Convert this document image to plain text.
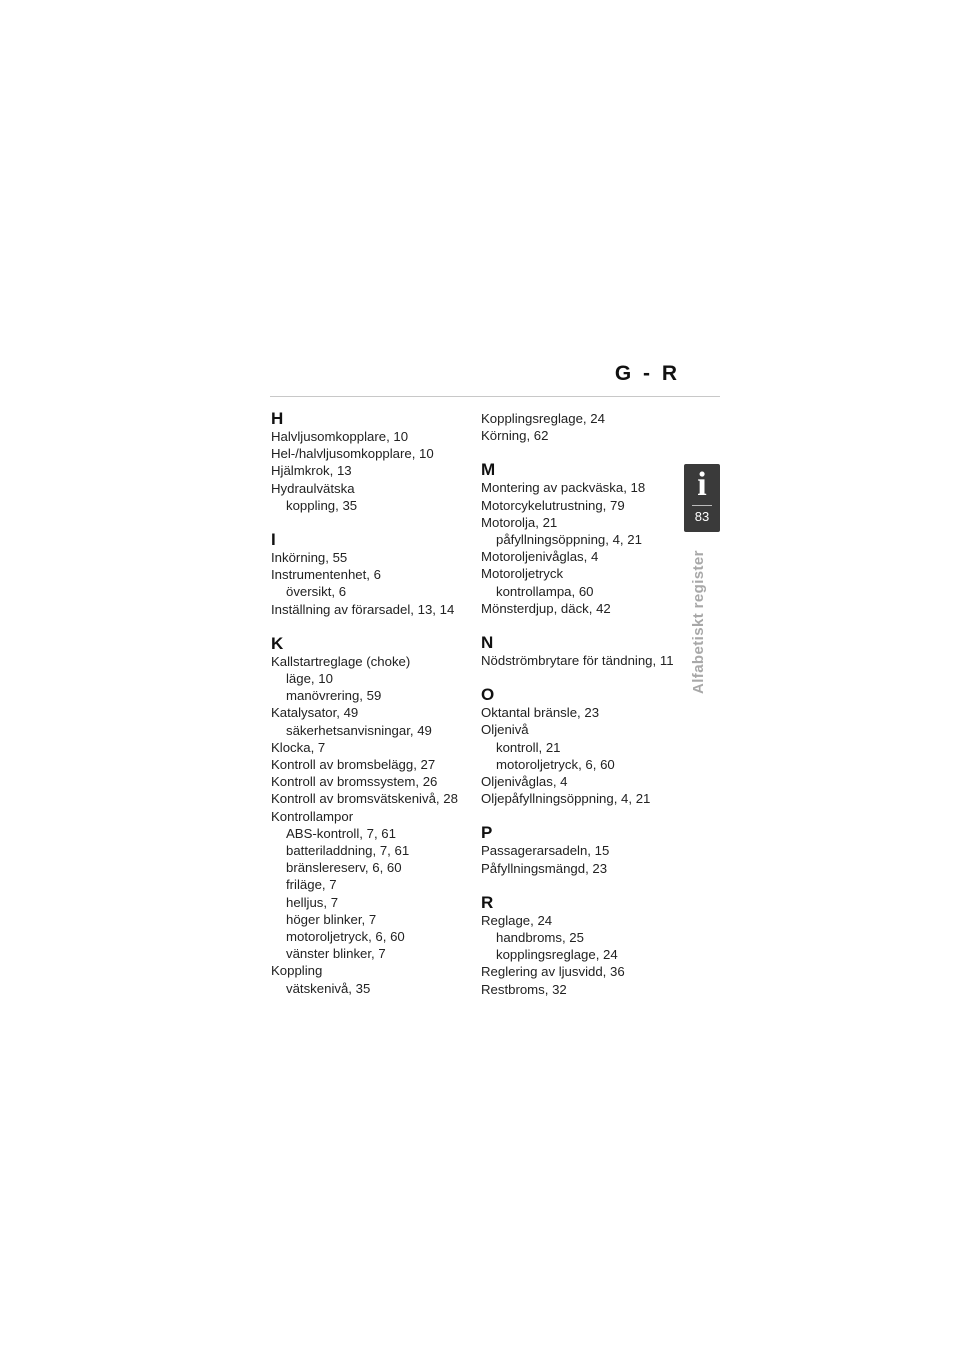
G - R
i
83
Alfabetiskt register
H
Halvljusomkopplare, 10
Hel-/halvljusomkopplare, 10
Hjälmkrok, 13
Hydraulvätska
koppling, 35
I
Inkörning, 55
Instrumentenhet, 6
översikt, 6
Inställning av förarsadel, 13, 14
K
Kallstartreglage (choke)
läge, 10
manövrering, 59
Katalysator, 49
säkerhetsanvisningar, 49
Klocka, 7
Kontroll av bromsbelägg, 27
Kontroll av bromssystem, 26
Kontroll av bromsvätskenivå, 28
Kontrollampor
ABS-kontroll, 7, 61
batteriladdning, 7, 61
bränslereserv, 6, 60
friläge, 7
helljus, 7
höger blinker, 7
motoroljetryck, 6, 60
vänster blinker, 7
Koppling
vätskenivå, 35
Kopplingsreglage, 24
Körning, 62
M
Montering av packväska, 18
Motorcykelutrustning, 79
Motorolja, 21
påfyllningsöppning, 4, 21
Motoroljenivåglas, 4
Motoroljetryck
kontrollampa, 60
Mönsterdjup, däck, 42
N
Nödströmbrytare för tändning, 11
O
Oktantal bränsle, 23
Oljenivå
kontroll, 21
motoroljetryck, 6, 60
Oljenivåglas, 4
Oljepåfyllningsöppning, 4, 21
P
Passagerarsadeln, 15
Påfyllningsmängd, 23
R
Reglage, 24
handbroms, 25
kopplingsreglage, 24
Reglering av ljusvidd, 36
Restbroms, 32
